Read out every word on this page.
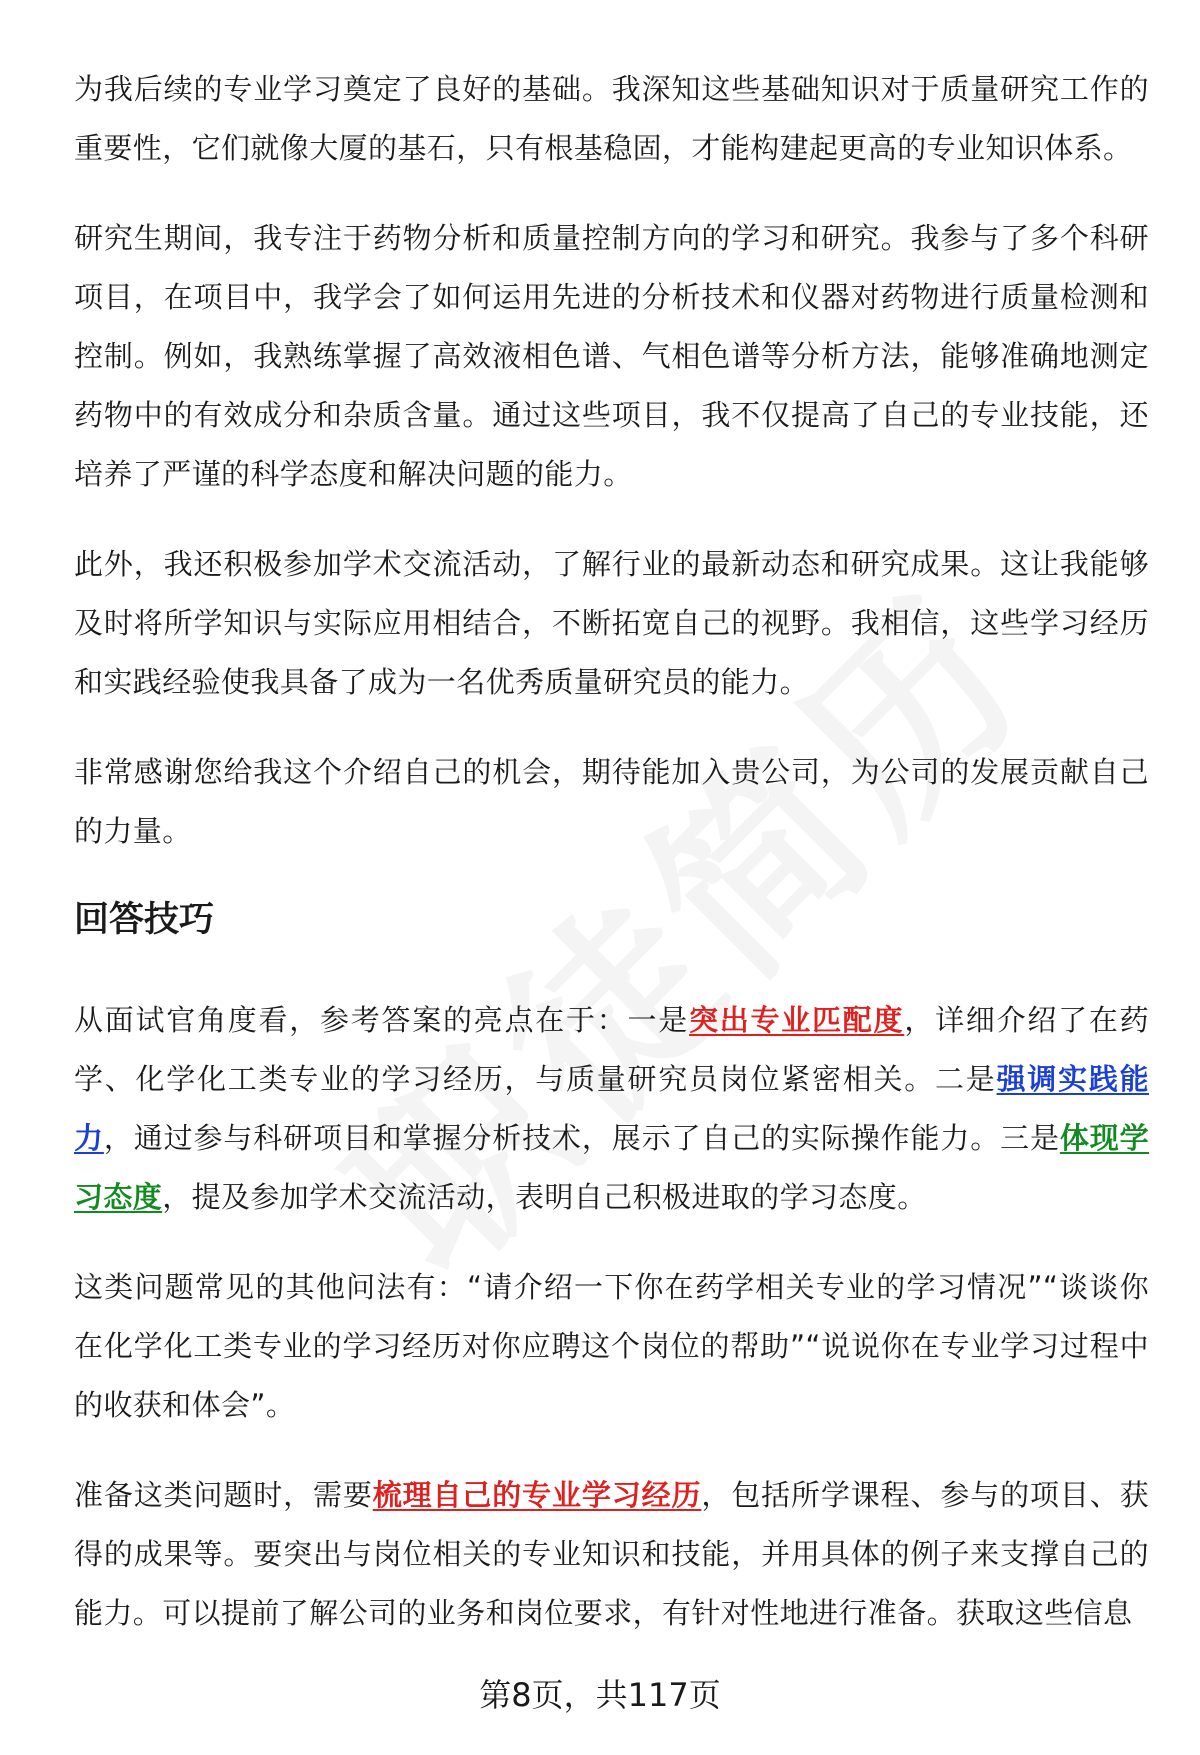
为我后续的专业学习奠定了良好的基础。我深知这些基础知识对于质量研究工作的重要性，它们就像大厦的基石，只有根基稳固，才能构建起更高的专业知识体系。

研究生期间，我专注于药物分析和质量控制方向的学习和研究。我参与了多个科研项目，在项目中，我学会了如何运用先进的分析技术和仪器对药物进行质量检测和控制。例如，我熟练掌握了高效液相色谱、气相色谱等分析方法，能够准确地测定药物中的有效成分和杂质含量。通过这些项目，我不仅提高了自己的专业技能，还培养了严谨的科学态度和解决问题的能力。

此外，我还积极参加学术交流活动，了解行业的最新动态和研究成果。这让我能够及时将所学知识与实际应用相结合，不断拓宽自己的视野。我相信，这些学习经历和实践经验使我具备了成为一名优秀质量研究员的能力。

非常感谢您给我这个介绍自己的机会，期待能加入贵公司，为公司的发展贡献自己的力量。

回答技巧

从面试官角度看，参考答案的亮点在于：一是突出专业匹配度，详细介绍了在药学、化学化工类专业的学习经历，与质量研究员岗位紧密相关。二是强调实践能力，通过参与科研项目和掌握分析技术，展示了自己的实际操作能力。三是体现学习态度，提及参加学术交流活动，表明自己积极进取的学习态度。

这类问题常见的其他问法有：“请介绍一下你在药学相关专业的学习情况”“谈谈你在化学化工类专业的学习经历对你应聘这个岗位的帮助”“说说你在专业学习过程中的收获和体会”。

准备这类问题时，需要梳理自己的专业学习经历，包括所学课程、参与的项目、获得的成果等。要突出与岗位相关的专业知识和技能，并用具体的例子来支撑自己的能力。可以提前了解公司的业务和岗位要求，有针对性地进行准备。获取这些信息

第8页，共117页
